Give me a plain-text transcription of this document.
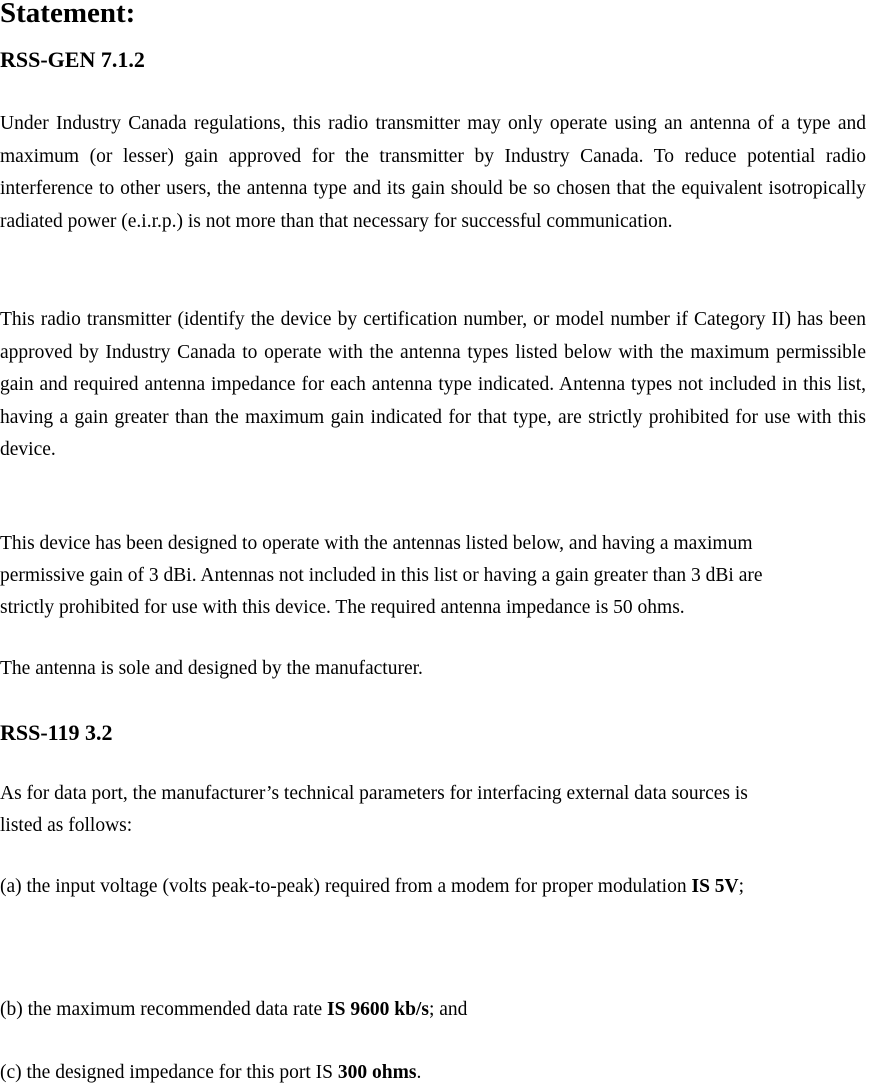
Statement:
RSS-GEN 7.1.2

Under Industry Canada regulations, this radio transmitter may only operate using an antenna of a type and maximum (or lesser) gain approved for the transmitter by Industry Canada. To reduce potential radio interference to other users, the antenna type and its gain should be so chosen that the equivalent isotropically radiated power (e.i.r.p.) is not more than that necessary for successful communication.

This radio transmitter (identify the device by certification number, or model number if Category II) has been approved by Industry Canada to operate with the antenna types listed below with the maximum permissible gain and required antenna impedance for each antenna type indicated. Antenna types not included in this list, having a gain greater than the maximum gain indicated for that type, are strictly prohibited for use with this device.

This device has been designed to operate with the antennas listed below, and having a maximum

permissive gain of 3 dBi. Antennas not included in this list or having a gain greater than 3 dBi are

strictly prohibited for use with this device. The required antenna impedance is 50 ohms.

The antenna is sole and designed by the manufacturer.

RSS-119 3.2

As for data port, the manufacturer’s technical parameters for interfacing external data sources is

listed as follows:

(a) the input voltage (volts peak-to-peak) required from a modem for proper modulation IS 5V;

(b) the maximum recommended data rate IS 9600 kb/s; and

(c) the designed impedance for this port IS 300 ohms.
